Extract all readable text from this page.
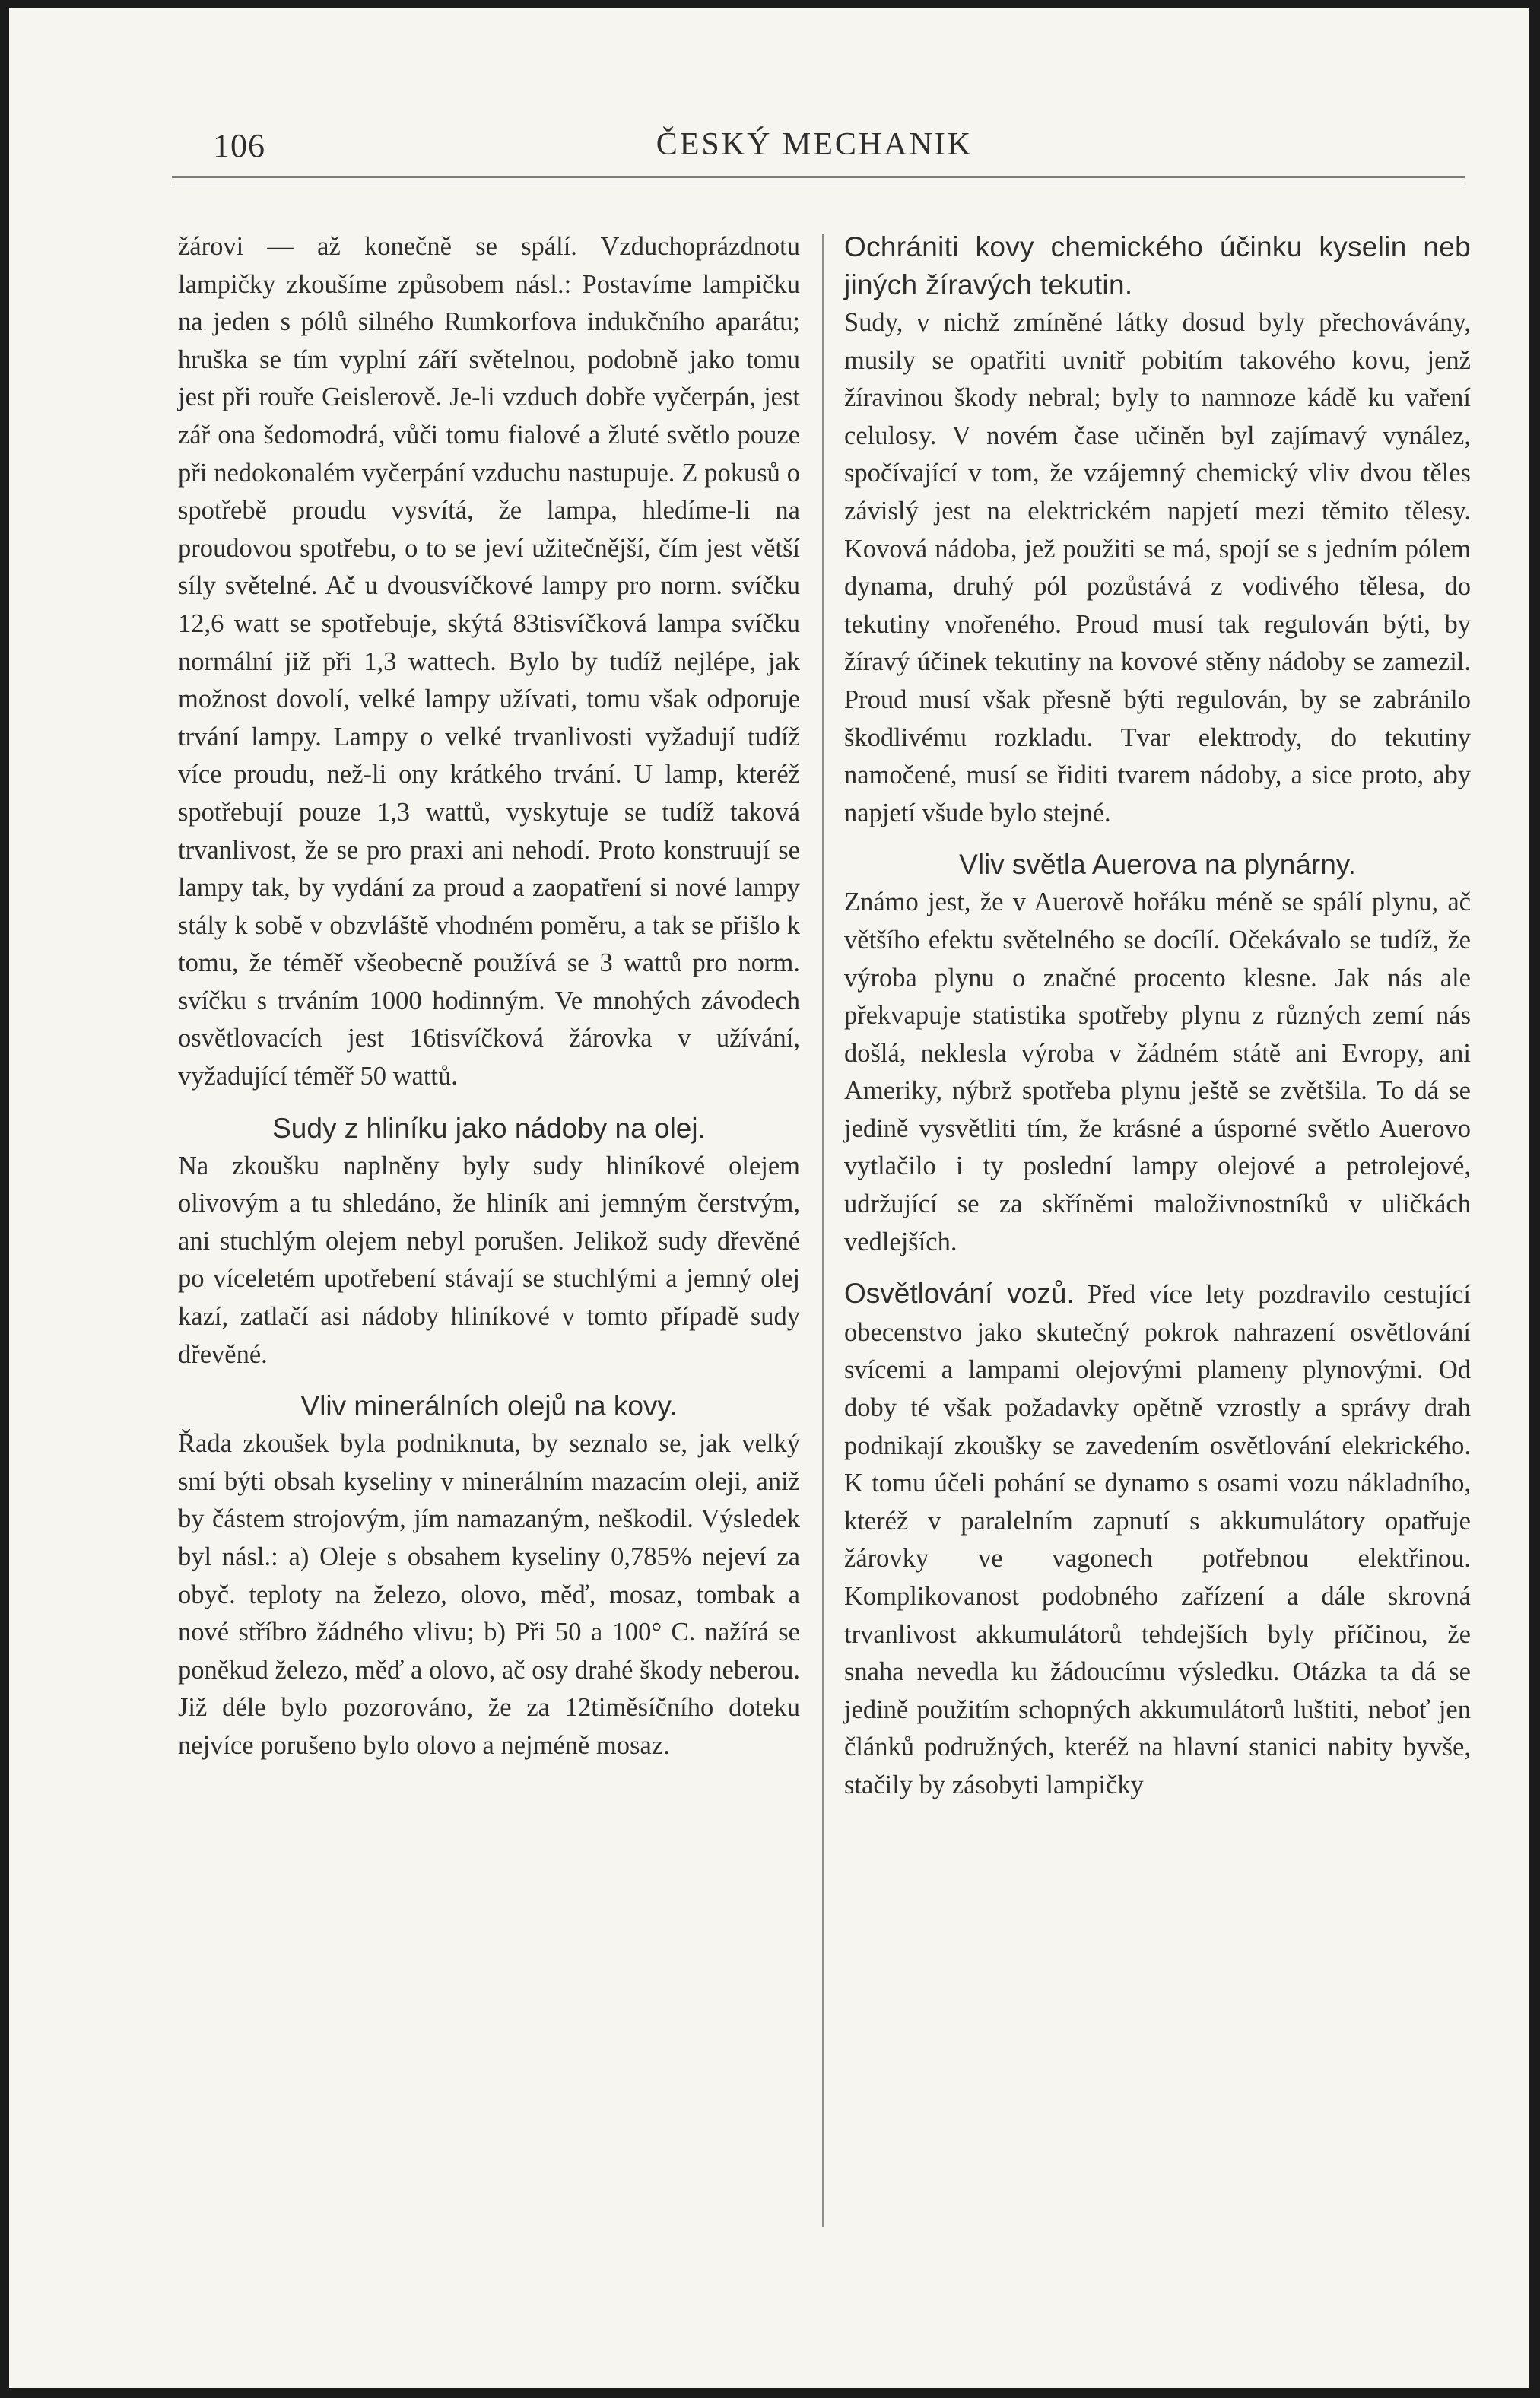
106	ČESKÝ MECHANIK

žárovi — až konečně se spálí. Vzduchoprázdnotu lampičky zkoušíme způsobem násl.: Postavíme lampičku na jeden s pólů silného Rumkorfova indukčního aparátu; hruška se tím vyplní září světelnou, podobně jako tomu jest při rouře Geislerově. Je-li vzduch dobře vyčerpán, jest zář ona šedomodrá, vůči tomu fialové a žluté světlo pouze při nedokonalém vyčerpání vzduchu nastupuje. Z pokusů o spotřebě proudu vysvítá, že lampa, hledíme-li na proudovou spotřebu, o to se jeví užitečnější, čím jest větší síly světelné. Ač u dvousvíčkové lampy pro norm. svíčku 12,6 watt se spotřebuje, skýtá 83tisvíčková lampa svíčku normální již při 1,3 wattech. Bylo by tudíž nejlépe, jak možnost dovolí, velké lampy užívati, tomu však odporuje trvání lampy. Lampy o velké trvanlivosti vyžadují tudíž více proudu, než-li ony krátkého trvání. U lamp, kteréž spotřebují pouze 1,3 wattů, vyskytuje se tudíž taková trvanlivost, že se pro praxi ani nehodí. Proto konstruují se lampy tak, by vydání za proud a zaopatření si nové lampy stály k sobě v obzvláště vhodném poměru, a tak se přišlo k tomu, že téměř všeobecně používá se 3 wattů pro norm. svíčku s trváním 1000 hodinným. Ve mnohých závodech osvětlovacích jest 16tisvíčková žárovka v užívání, vyžadující téměř 50 wattů.

Sudy z hliníku jako nádoby na olej.

Na zkoušku naplněny byly sudy hliníkové olejem olivovým a tu shledáno, že hliník ani jemným čerstvým, ani stuchlým olejem nebyl porušen. Jelikož sudy dřevěné po víceletém upotřebení stávají se stuchlými a jemný olej kazí, zatlačí asi nádoby hliníkové v tomto případě sudy dřevěné.

Vliv minerálních olejů na kovy.

Řada zkoušek byla podniknuta, by seznalo se, jak velký smí býti obsah kyseliny v minerálním mazacím oleji, aniž by částem strojovým, jím namazaným, neškodil. Výsledek byl násl.: a) Oleje s obsahem kyseliny 0,785% nejeví za obyč. teploty na železo, olovo, měď, mosaz, tombak a nové stříbro žádného vlivu; b) Při 50 a 100° C. nažírá se poněkud železo, měď a olovo, ač osy drahé škody neberou. Již déle bylo pozorováno, že za 12timěsíčního doteku nejvíce porušeno bylo olovo a nejméně mosaz.

Ochrániti kovy chemického účinku kyselin neb jiných žíravých tekutin.

Sudy, v nichž zmíněné látky dosud byly přechovávány, musily se opatřiti uvnitř pobitím takového kovu, jenž žíravinou škody nebral; byly to namnoze kádě ku vaření celulosy. V novém čase učiněn byl zajímavý vynález, spočívající v tom, že vzájemný chemický vliv dvou těles závislý jest na elektrickém napjetí mezi těmito tělesy. Kovová nádoba, jež použiti se má, spojí se s jedním pólem dynama, druhý pól pozůstává z vodivého tělesa, do tekutiny vnořeného. Proud musí tak regulován býti, by žíravý účinek tekutiny na kovové stěny nádoby se zamezil. Proud musí však přesně býti regulován, by se zabránilo škodlivému rozkladu. Tvar elektrody, do tekutiny namočené, musí se řiditi tvarem nádoby, a sice proto, aby napjetí všude bylo stejné.

Vliv světla Auerova na plynárny.

Známo jest, že v Auerově hořáku méně se spálí plynu, ač většího efektu světelného se docílí. Očekávalo se tudíž, že výroba plynu o značné procento klesne. Jak nás ale překvapuje statistika spotřeby plynu z různých zemí nás došlá, neklesla výroba v žádném státě ani Evropy, ani Ameriky, nýbrž spotřeba plynu ještě se zvětšila. To dá se jedině vysvětliti tím, že krásné a úsporné světlo Auerovo vytlačilo i ty poslední lampy olejové a petrolejové, udržující se za skříněmi maloživnostníků v uličkách vedlejších.

Osvětlování vozů. Před více lety pozdravilo cestující obecenstvo jako skutečný pokrok nahrazení osvětlování svícemi a lampami olejovými plameny plynovými. Od doby té však požadavky opětně vzrostly a správy drah podnikají zkoušky se zavedením osvětlování elekrického. K tomu účeli pohání se dynamo s osami vozu nákladního, kteréž v paralelním zapnutí s akkumulátory opatřuje žárovky ve vagonech potřebnou elektřinou. Komplikovanost podobného zařízení a dále skrovná trvanlivost akkumulátorů tehdejších byly příčinou, že snaha nevedla ku žádoucímu výsledku. Otázka ta dá se jedině použitím schopných akkumulátorů luštiti, neboť jen článků podružných, kteréž na hlavní stanici nabity byvše, stačily by zásobyti lampičky
